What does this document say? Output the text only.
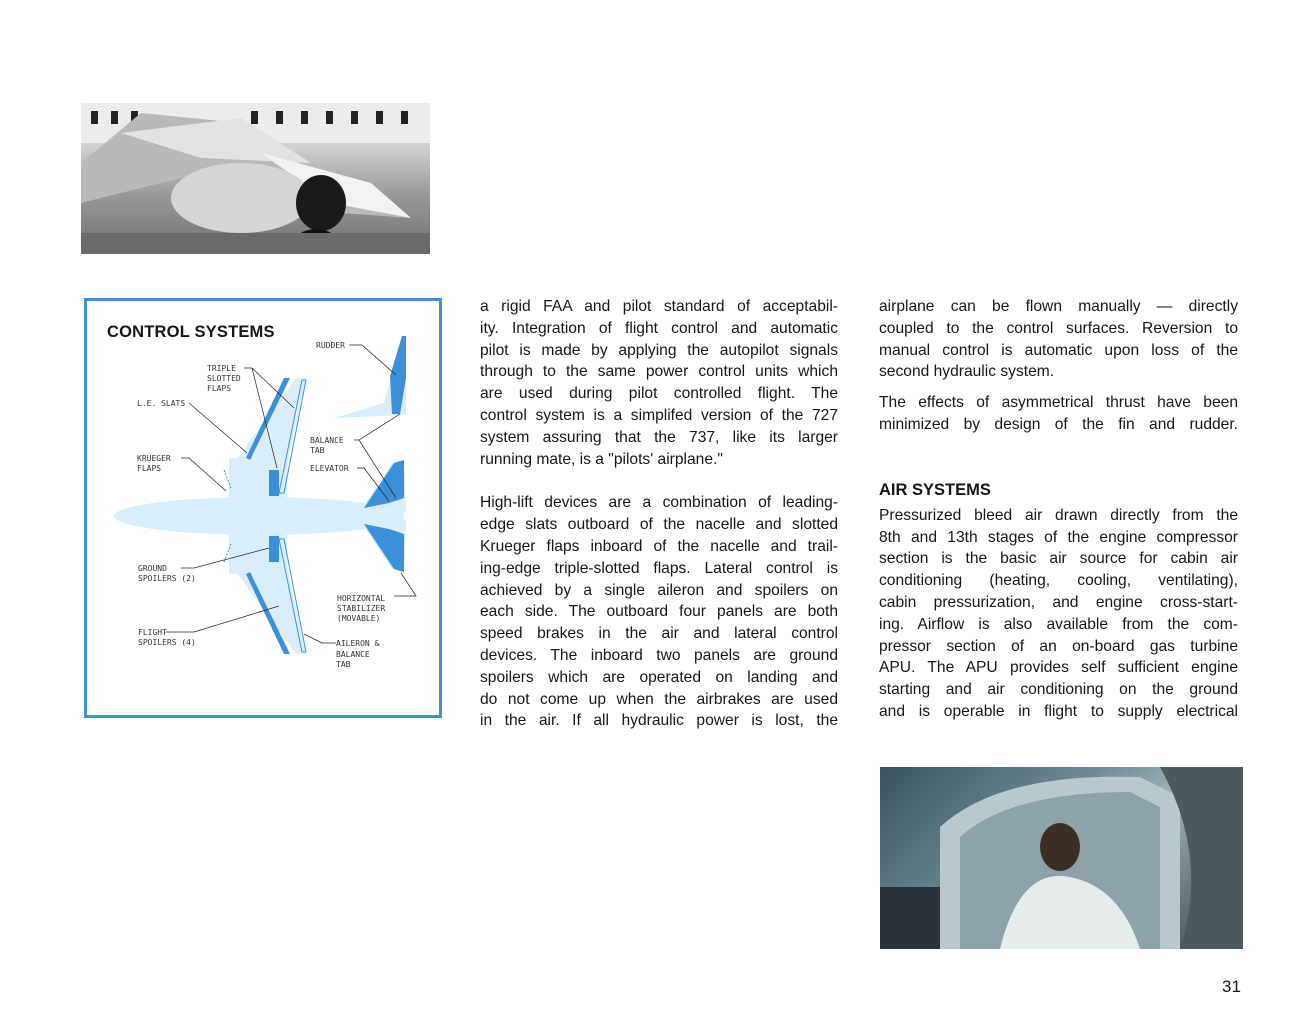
CONTROL SYSTEMS
RUDDER
TRIPLE
SLOTTED
FLAPS
L.E. SLATS
KRUEGER
FLAPS
BALANCE
TAB
ELEVATOR
GROUND
SPOILERS (2)
HORIZONTAL
STABILIZER
(MOVABLE)
FLIGHT
SPOILERS (4)	AILERON &
BALANCE
TAB
a rigid FAA and pilot standard of acceptabil-
ity. Integration of flight control and automatic
pilot is made by applying the autopilot signals
through to the same power control units which
are used during pilot controlled flight. The
control system is a simplifed version of the 727
system assuring that the 737, like its larger
running mate, is a "pilots' airplane."
High-lift devices are a combination of leading-
edge slats outboard of the nacelle and slotted
Krueger flaps inboard of the nacelle and trail-
ing-edge triple-slotted flaps. Lateral control is
achieved by a single aileron and spoilers on
each side. The outboard four panels are both
speed brakes in the air and lateral control
devices. The inboard two panels are ground
spoilers which are operated on landing and
do not come up when the airbrakes are used
in the air. If all hydraulic power is lost, the
airplane can be flown manually — directly
coupled to the control surfaces. Reversion to
manual control is automatic upon loss of the
second hydraulic system.
The effects of asymmetrical thrust have been
minimized by design of the fin and rudder.
AIR SYSTEMS
Pressurized bleed air drawn directly from the
8th and 13th stages of the engine compressor
section is the basic air source for cabin air
conditioning (heating, cooling, ventilating),
cabin pressurization, and engine cross-start-
ing. Airflow is also available from the com-
pressor section of an on-board gas turbine
APU. The APU provides self sufficient engine
starting and air conditioning on the ground
and is operable in flight to supply electrical
31
